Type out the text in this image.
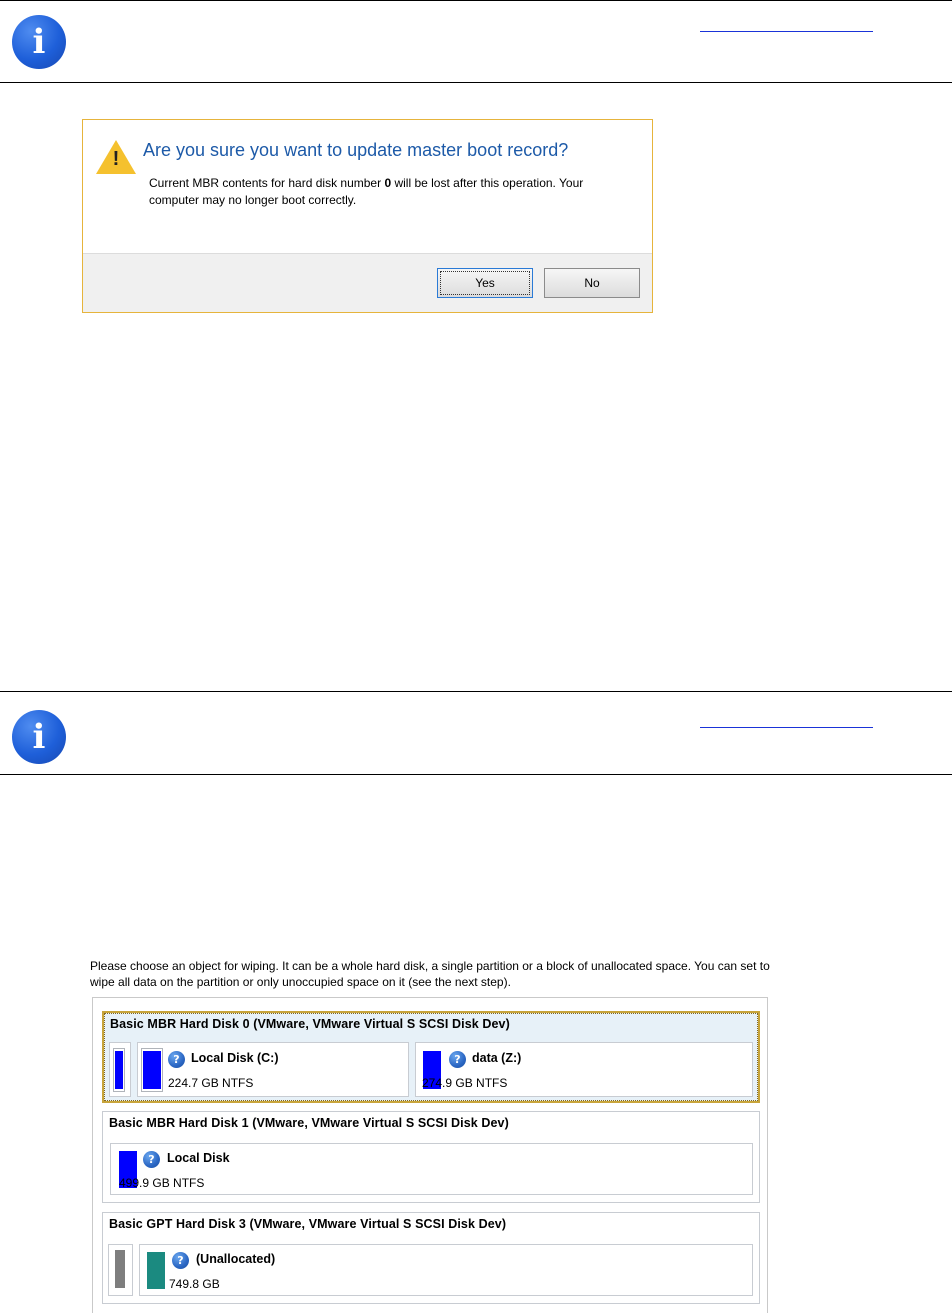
i
! Are you sure you want to update master boot record?
Current MBR contents for hard disk number 0 will be lost after this operation. Your computer may no longer boot correctly.
Yes	No
i
Please choose an object for wiping. It can be a whole hard disk, a single partition or a block of unallocated space. You can set to wipe all data on the partition or only unoccupied space on it (see the next step).
Basic MBR Hard Disk 0 (VMware, VMware Virtual S SCSI Disk Dev)
? Local Disk (C:)
224.7 GB NTFS
? data (Z:)
274.9 GB NTFS
Basic MBR Hard Disk 1 (VMware, VMware Virtual S SCSI Disk Dev)
? Local Disk
499.9 GB NTFS
Basic GPT Hard Disk 3 (VMware, VMware Virtual S SCSI Disk Dev)
? (Unallocated)
749.8 GB
